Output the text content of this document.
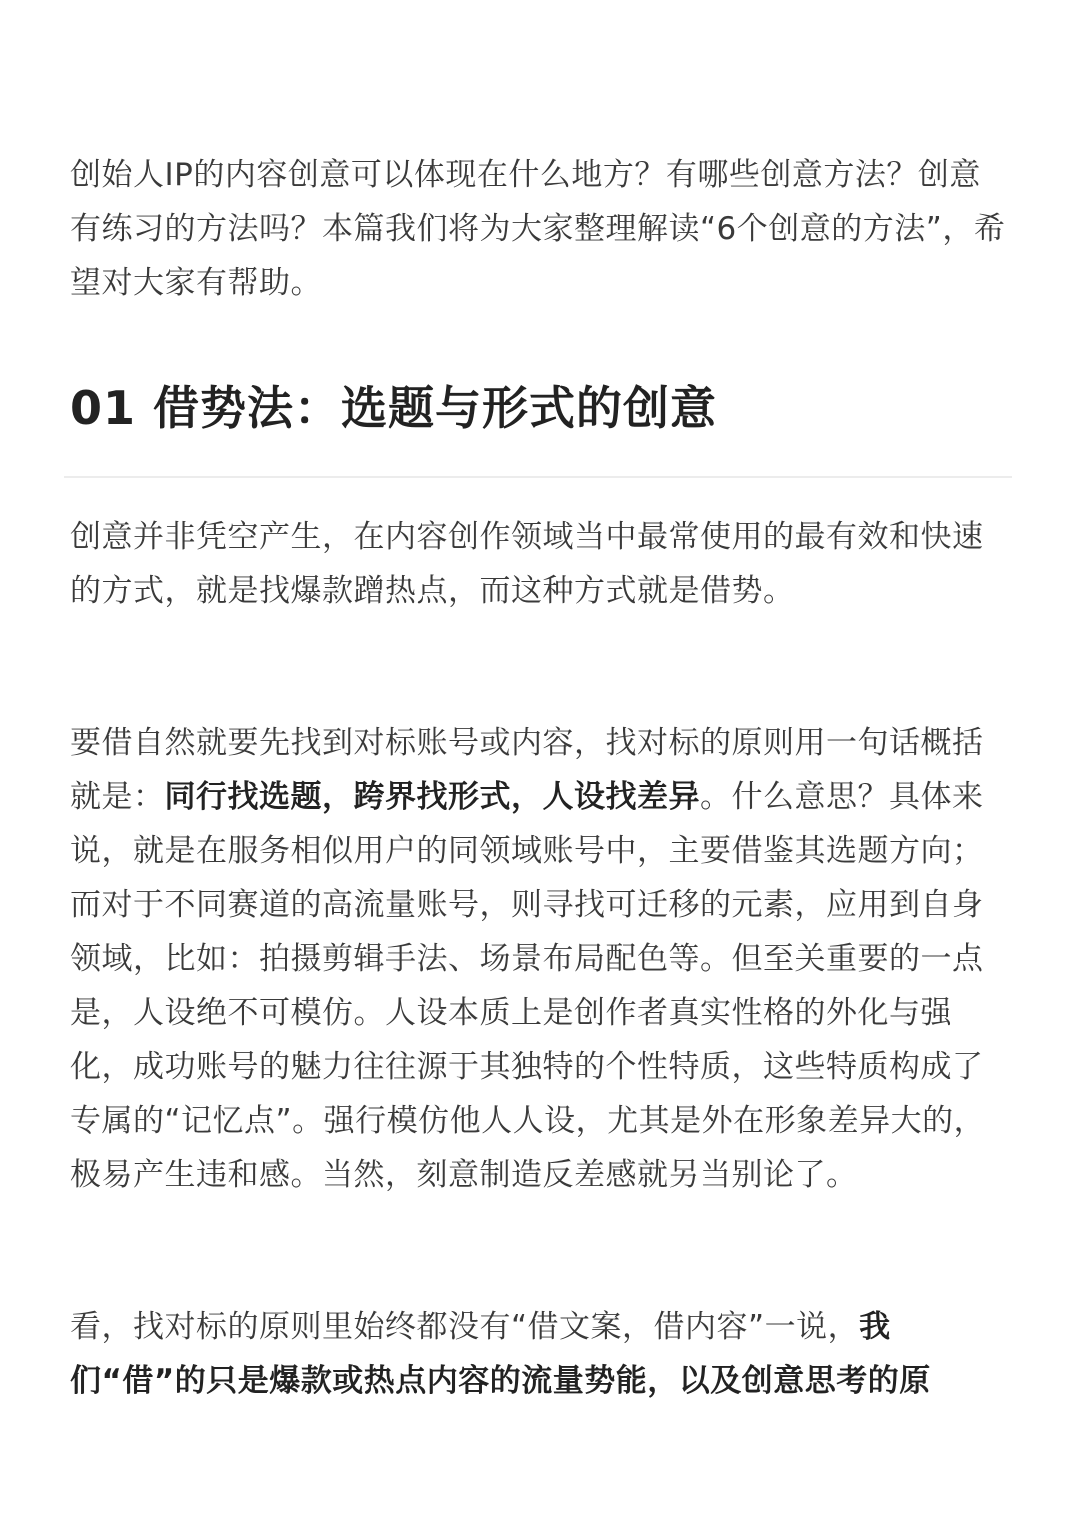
创始人IP的内容创意可以体现在什么地方？有哪些创意方法？创意有练习的方法吗？本篇我们将为大家整理解读“6个创意的方法”，希望对大家有帮助。

01 借势法：选题与形式的创意

创意并非凭空产生，在内容创作领域当中最常使用的最有效和快速的方式，就是找爆款蹭热点，而这种方式就是借势。

要借自然就要先找到对标账号或内容，找对标的原则用一句话概括就是：同行找选题，跨界找形式，人设找差异。什么意思？具体来说，就是在服务相似用户的同领域账号中，主要借鉴其选题方向；而对于不同赛道的高流量账号，则寻找可迁移的元素，应用到自身领域，比如：拍摄剪辑手法、场景布局配色等。但至关重要的一点是，人设绝不可模仿。人设本质上是创作者真实性格的外化与强化，成功账号的魅力往往源于其独特的个性特质，这些特质构成了专属的“记忆点”。强行模仿他人人设，尤其是外在形象差异大的，极易产生违和感。当然，刻意制造反差感就另当别论了。

看，找对标的原则里始终都没有“借文案，借内容”一说，我们“借”的只是爆款或热点内容的流量势能，以及创意思考的原
